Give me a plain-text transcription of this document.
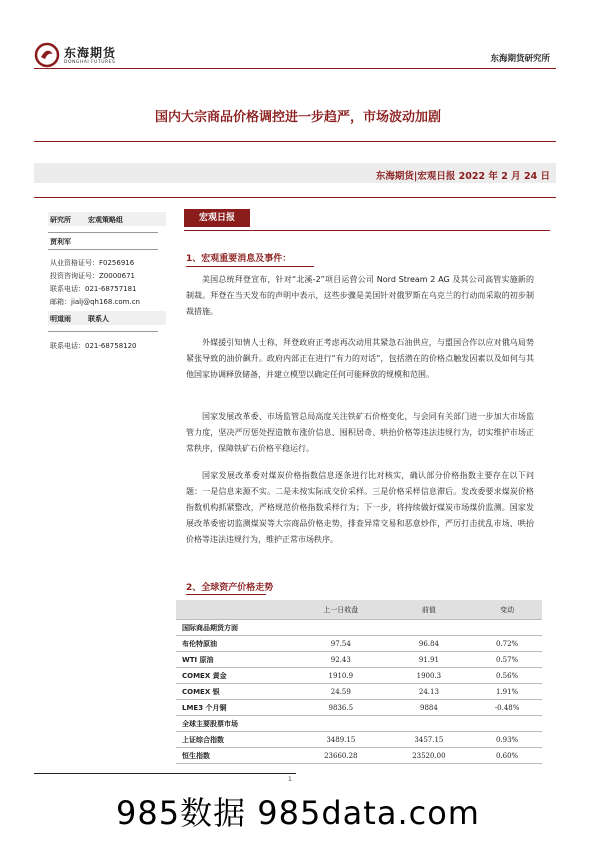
东海期货
DONGHAI FUTURES	东海期货研究所
国内大宗商品价格调控进一步趋严，市场波动加剧
东海期货|宏观日报 2022 年 2 月 24 日
研究所 宏观策略组
贾利军
从业资格证号：F0256916
投资咨询证号：Z0000671
联系电话：021-68757181
邮箱：jialj@qh168.com.cn
明道雨 联系人
联系电话：021-68758120
宏观日报
1、宏观重要消息及事件：

美国总统拜登宣布，针对“北溪-2”项目运营公司 Nord Stream 2 AG 及其公司高管实施新的制裁。拜登在当天发布的声明中表示，这些步骤是美国针对俄罗斯在乌克兰的行动而采取的初步制裁措施。

外媒援引知情人士称，拜登政府正考虑再次动用其紧急石油供应，与盟国合作以应对俄乌局势紧张导致的油价飙升。政府内部正在进行“有力的对话”，包括潜在的价格点触发因素以及如何与其他国家协调释放储备，并建立模型以确定任何可能释放的规模和范围。

国家发展改革委、市场监管总局高度关注铁矿石价格变化，与会同有关部门进一步加大市场监管力度，坚决严厉惩处捏造散布涨价信息、囤积居奇、哄抬价格等违法违规行为，切实维护市场正常秩序，保障铁矿石价格平稳运行。

国家发展改革委对煤炭价格指数信息逐条进行比对核实，确认部分价格指数主要存在以下问题：一是信息来源不实。二是未按实际成交价采样。三是价格采样信息滞后。发改委要求煤炭价格指数机构抓紧整改，严格规范价格指数采样行为；下一步，将持续做好煤炭市场煤价监测。国家发展改革委密切监测煤炭等大宗商品价格走势，排查异常交易和恶意炒作，严厉打击扰乱市场、哄抬价格等违法违规行为，维护正常市场秩序。

2、全球资产价格走势
	上一日收盘	前值	变动
国际商品期货方面			
布伦特原油	97.54	96.84	0.72%
WTI 原油	92.43	91.91	0.57%
COMEX 黄金	1910.9	1900.3	0.56%
COMEX 银	24.59	24.13	1.91%
LME3 个月铜	9836.5	9884	-0.48%
全球主要股票市场			
上证综合指数	3489.15	3457.15	0.93%
恒生指数	23660.28	23520.00	0.60%
1
985数据 985data.com
